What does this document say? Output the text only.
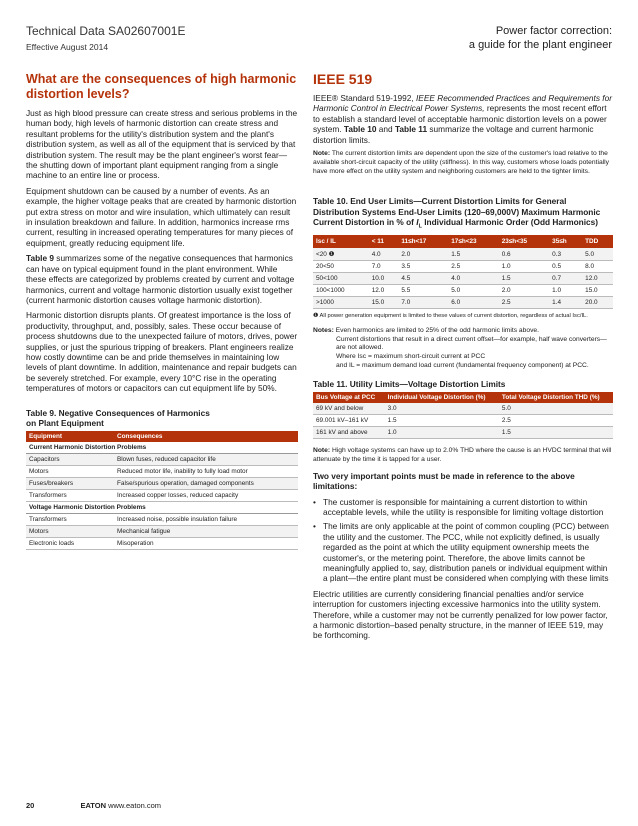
Technical Data SA02607001E
Effective August 2014
Power factor correction:
a guide for the plant engineer
What are the consequences of high harmonic distortion levels?

Just as high blood pressure can create stress and serious problems in the human body, high levels of harmonic distortion can create stress and resultant problems for the utility's distribution system and the plant's distribution system, as well as all of the equipment that is serviced by that distribution system. The result may be the plant engineer's worst fear—the shutting down of important plant equipment ranging from a single machine to an entire line or process.

Equipment shutdown can be caused by a number of events. As an example, the higher voltage peaks that are created by harmonic distortion put extra stress on motor and wire insulation, which ultimately can result in insulation breakdown and failure. In addition, harmonics increase rms current, resulting in increased operating temperatures for many pieces of equipment, greatly reducing equipment life.

Table 9 summarizes some of the negative consequences that harmonics can have on typical equipment found in the plant environment. While these effects are categorized by problems created by current and voltage harmonics, current and voltage harmonic distortion usually exist together (current harmonic distortion causes voltage harmonic distortion).

Harmonic distortion disrupts plants. Of greatest importance is the loss of productivity, throughput, and, possibly, sales. These occur because of process shutdowns due to the unexpected failure of motors, drives, power supplies, or just the spurious tripping of breakers. Plant engineers realize how costly downtime can be and pride themselves in maintaining low levels of plant downtime. In addition, maintenance and repair budgets can be severely stretched. For example, every 10°C rise in the operating temperatures of motors or capacitors can cut equipment life by 50%.

Table 9. Negative Consequences of Harmonics
on Plant Equipment
Equipment	Consequences
Current Harmonic Distortion Problems	
Capacitors	Blown fuses, reduced capacitor life
Motors	Reduced motor life, inability to fully load motor
Fuses/breakers	False/spurious operation, damaged components
Transformers	Increased copper losses, reduced capacity
Voltage Harmonic Distortion Problems	
Transformers	Increased noise, possible insulation failure
Motors	Mechanical fatigue
Electronic loads	Misoperation
IEEE 519

IEEE® Standard 519-1992, IEEE Recommended Practices and Requirements for Harmonic Control in Electrical Power Systems, represents the most recent effort to establish a standard level of acceptable harmonic distortion levels on a power system. Table 10 and Table 11 summarize the voltage and current harmonic distortion limits.

Note: The current distortion limits are dependent upon the size of the customer's load relative to the available short-circuit capacity of the utility (stiffness). In this way, customers whose loads potentially have more effect on the utility system and neighboring customers are held to the tighter limits.

Table 10. End User Limits—Current Distortion Limits for General Distribution Systems End-User Limits (120–69,000V) Maximum Harmonic Current Distortion in % of $I_L$ Individual Harmonic Order (Odd Harmonics)
Isc / IL	< 11	11≤h<17	17≤h<23	23≤h<35	35≤h	TDD
<20 ❶	4.0	2.0	1.5	0.6	0.3	5.0
20<50	7.0	3.5	2.5	1.0	0.5	8.0
50<100	10.0	4.5	4.0	1.5	0.7	12.0
100<1000	12.0	5.5	5.0	2.0	1.0	15.0
>1000	15.0	7.0	6.0	2.5	1.4	20.0
❶ All power generation equipment is limited to these values of current distortion, regardless of actual Isc/IL.
Notes: Even harmonics are limited to 25% of the odd harmonic limits above.
Current distortions that result in a direct current offset—for example, half wave converters—are not allowed.
Where Isc = maximum short-circuit current at PCC
and IL = maximum demand load current (fundamental frequency component) at PCC.
Table 11. Utility Limits—Voltage Distortion Limits
Bus Voltage at PCC	Individual Voltage Distortion (%)	Total Voltage Distortion THD (%)
69 kV and below	3.0	5.0
69.001 kV–161 kV	1.5	2.5
161 kV and above	1.0	1.5

Note: High voltage systems can have up to 2.0% THD where the cause is an HVDC terminal that will attenuate by the time it is tapped for a user.

Two very important points must be made in reference to the above limitations:

• The customer is responsible for maintaining a current distortion to within acceptable levels, while the utility is responsible for limiting voltage distortion
• The limits are only applicable at the point of common coupling (PCC) between the utility and the customer. The PCC, while not explicitly defined, is usually regarded as the point at which the utility equipment ownership meets the customer's, or the metering point. Therefore, the above limits cannot be meaningfully applied to, say, distribution panels or individual equipment within a plant—the entire plant must be considered when complying with these limits

Electric utilities are currently considering financial penalties and/or service interruption for customers injecting excessive harmonics into the utility system. Therefore, while a customer may not be currently penalized for low power factor, a harmonic distortion–based penalty structure, in the manner of IEEE 519, may be forthcoming.

20	EATON www.eaton.com
